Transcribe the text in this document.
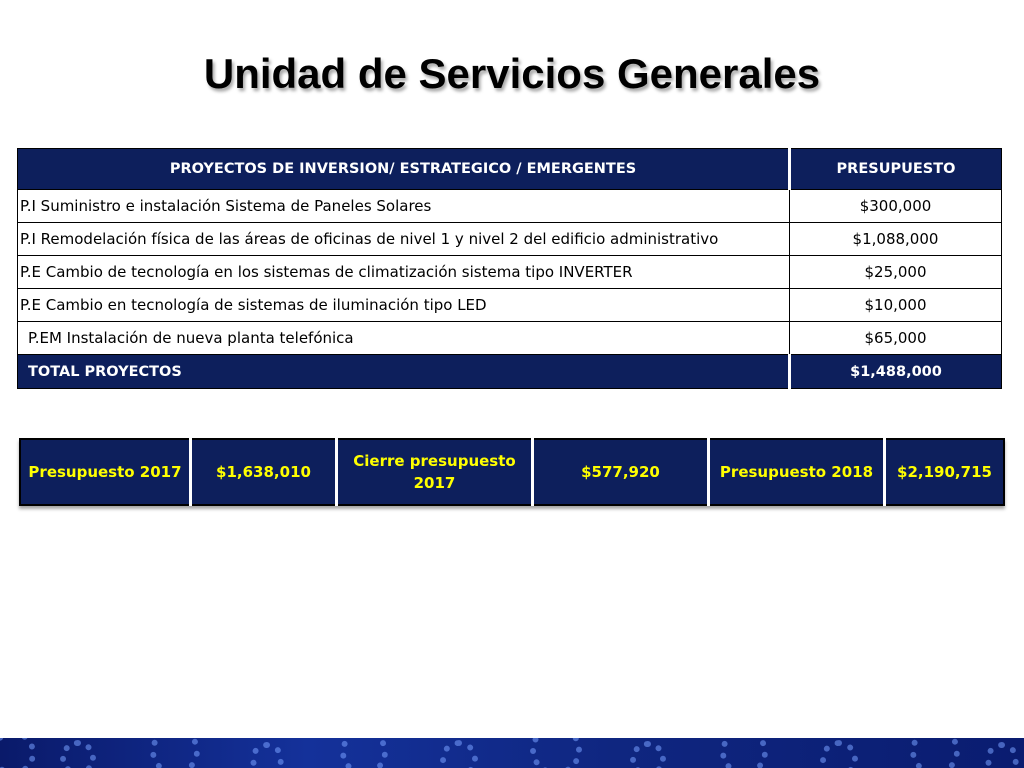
Unidad de Servicios Generales
PROYECTOS DE INVERSION/ ESTRATEGICO / EMERGENTES	PRESUPUESTO
P.I Suministro e instalación Sistema de Paneles Solares	$300,000
P.I Remodelación física de las áreas de oficinas de nivel 1 y nivel 2 del edificio administrativo	$1,088,000
P.E Cambio de tecnología en los sistemas de climatización sistema tipo INVERTER	$25,000
P.E Cambio en tecnología de sistemas de iluminación tipo LED	$10,000
P.EM Instalación de nueva planta telefónica	$65,000
TOTAL PROYECTOS	$1,488,000
Presupuesto 2017	$1,638,010	Cierre presupuesto 2017	$577,920	Presupuesto 2018	$2,190,715
